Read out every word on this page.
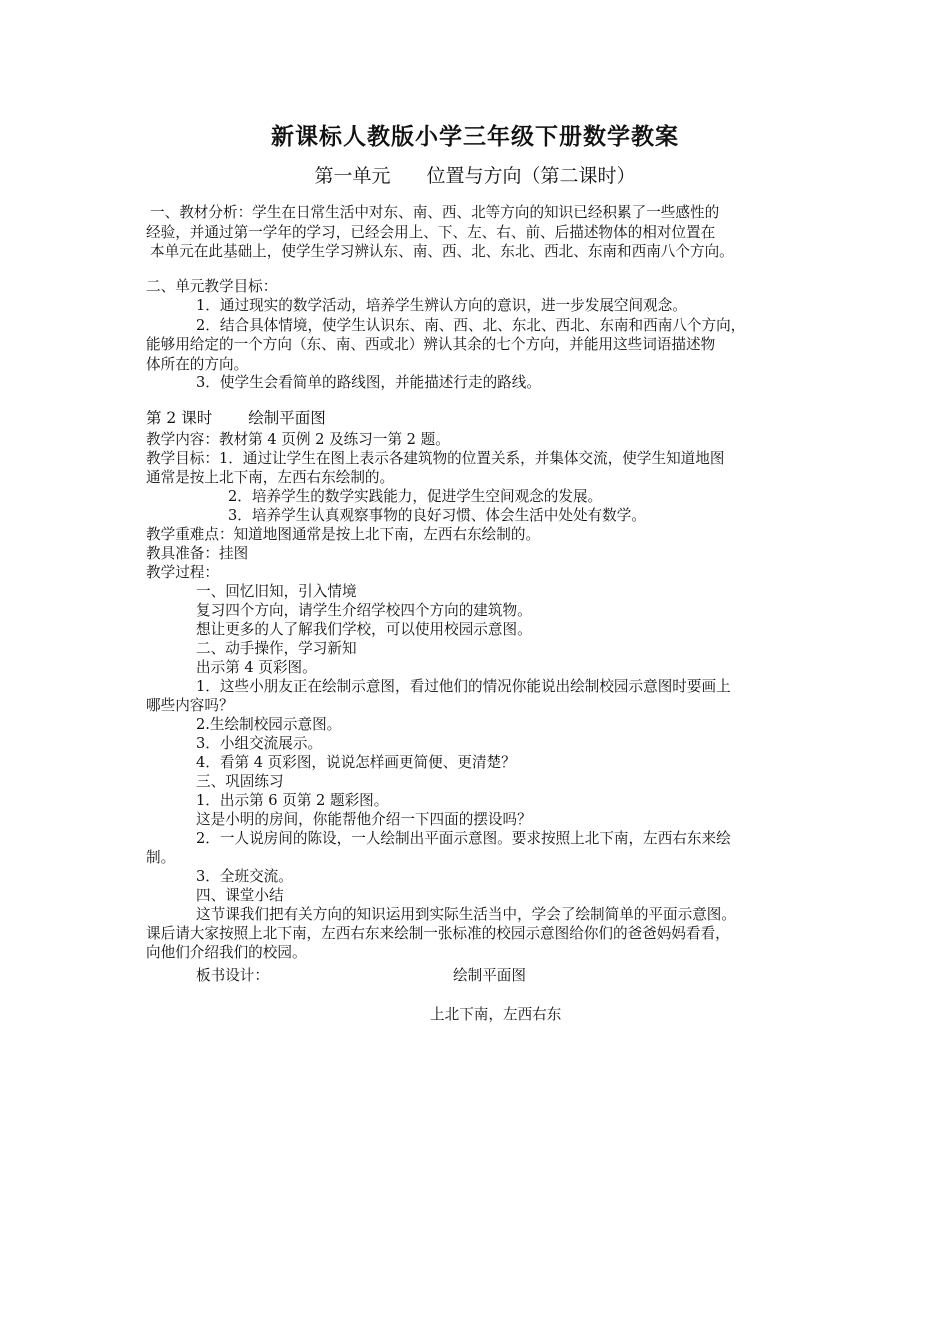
新课标人教版小学三年级下册数学教案
第一单元 位置与方向（第二课时）
一、教材分析：学生在日常生活中对东、南、西、北等方向的知识已经积累了一些感性的
经验，并通过第一学年的学习，已经会用上、下、左、右、前、后描述物体的相对位置在
本单元在此基础上，使学生学习辨认东、南、西、北、东北、西北、东南和西南八个方向。
二、单元教学目标：
1．通过现实的数学活动，培养学生辨认方向的意识，进一步发展空间观念。
2．结合具体情境，使学生认识东、南、西、北、东北、西北、东南和西南八个方向，
能够用给定的一个方向（东、南、西或北）辨认其余的七个方向，并能用这些词语描述物
体所在的方向。
3．使学生会看简单的路线图，并能描述行走的路线。
第 2 课时 绘制平面图
教学内容：教材第 4 页例 2 及练习一第 2 题。
教学目标：1．通过让学生在图上表示各建筑物的位置关系，并集体交流，使学生知道地图
通常是按上北下南，左西右东绘制的。
2．培养学生的数学实践能力，促进学生空间观念的发展。
3．培养学生认真观察事物的良好习惯、体会生活中处处有数学。
教学重难点：知道地图通常是按上北下南，左西右东绘制的。
教具准备：挂图
教学过程：
一、回忆旧知，引入情境
复习四个方向，请学生介绍学校四个方向的建筑物。
想让更多的人了解我们学校，可以使用校园示意图。
二、动手操作，学习新知
出示第 4 页彩图。
1．这些小朋友正在绘制示意图，看过他们的情况你能说出绘制校园示意图时要画上
哪些内容吗？
2.生绘制校园示意图。
3．小组交流展示。
4．看第 4 页彩图，说说怎样画更简便、更清楚？
三、巩固练习
1．出示第 6 页第 2 题彩图。
这是小明的房间，你能帮他介绍一下四面的摆设吗？
2．一人说房间的陈设，一人绘制出平面示意图。要求按照上北下南，左西右东来绘
制。
3．全班交流。
四、课堂小结
这节课我们把有关方向的知识运用到实际生活当中，学会了绘制简单的平面示意图。
课后请大家按照上北下南，左西右东来绘制一张标准的校园示意图给你们的爸爸妈妈看看，
向他们介绍我们的校园。
板书设计：	绘制平面图
上北下南，左西右东
